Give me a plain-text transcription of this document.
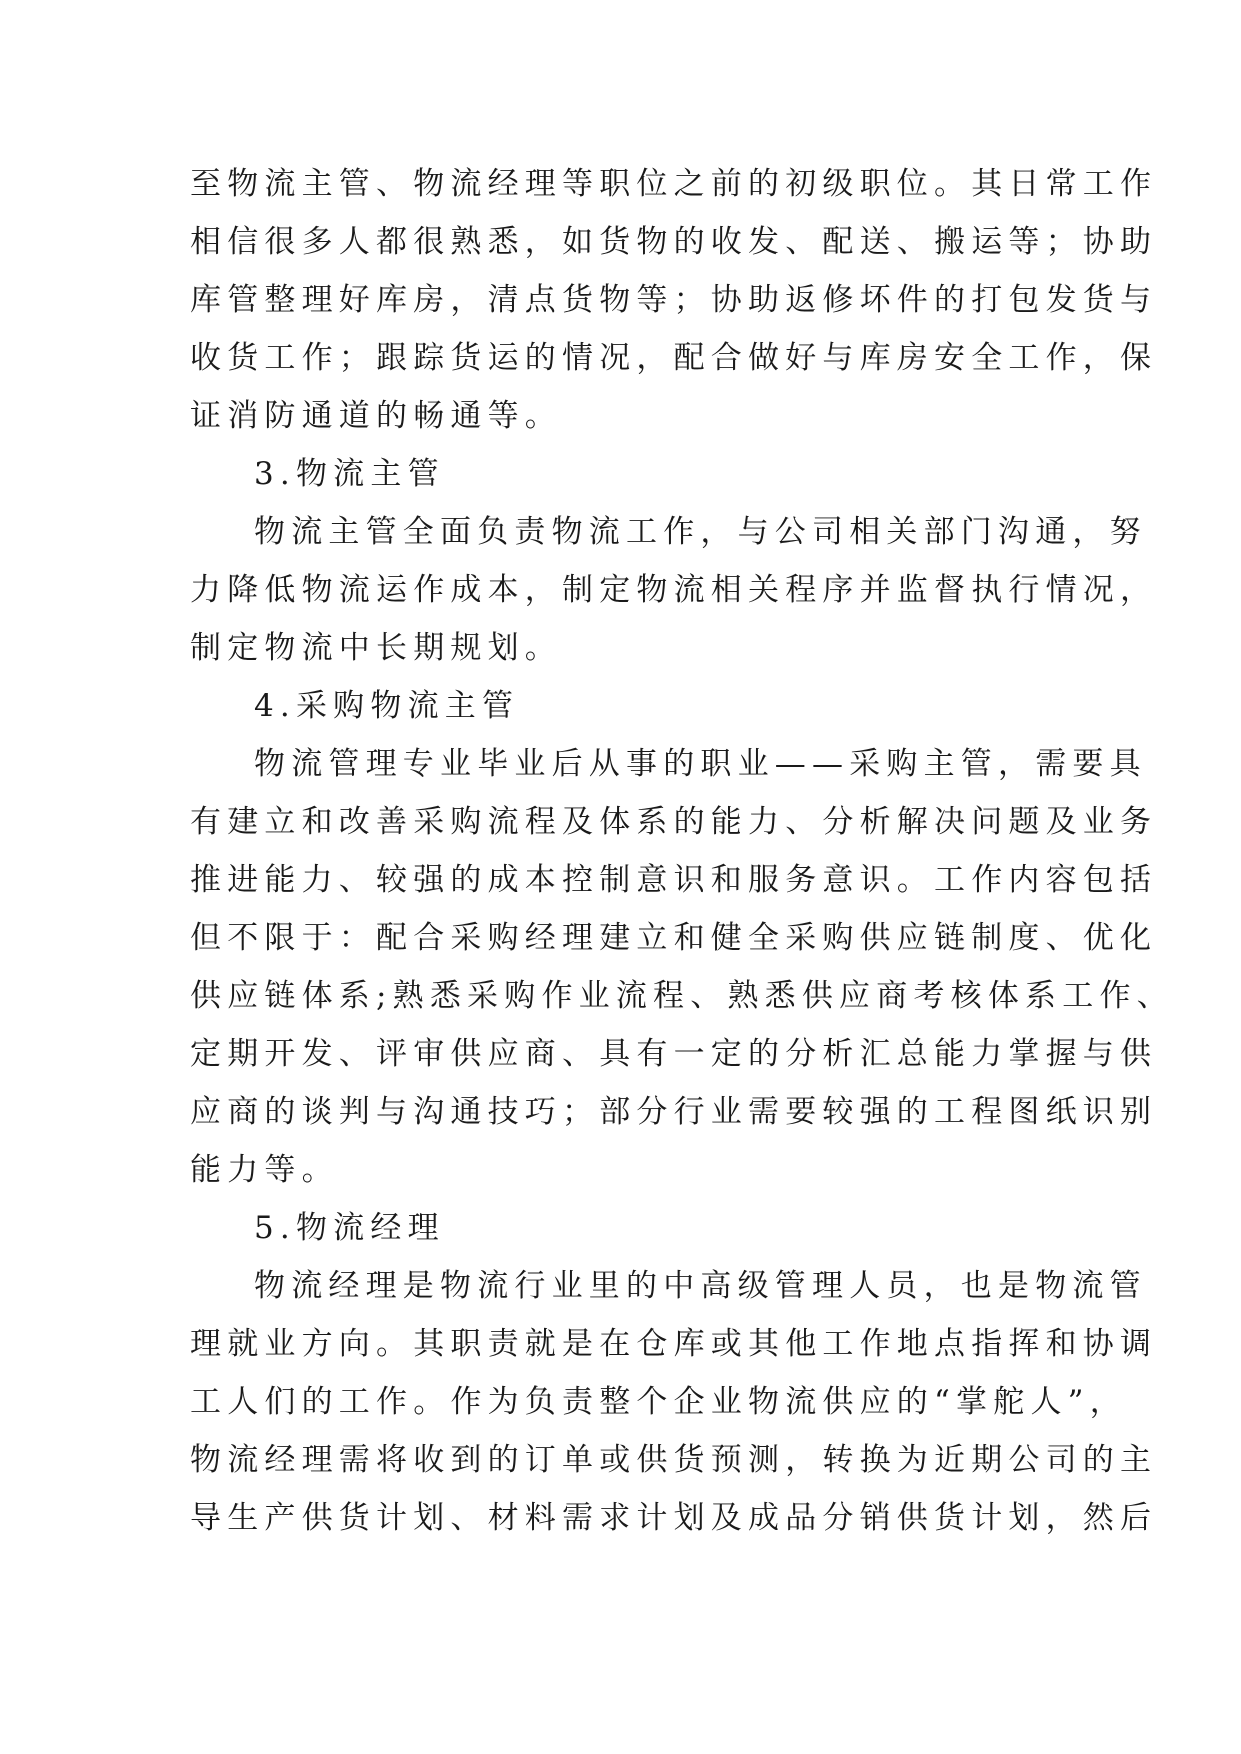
至物流主管、物流经理等职位之前的初级职位。其日常工作
相信很多人都很熟悉，如货物的收发、配送、搬运等；协助
库管整理好库房，清点货物等；协助返修坏件的打包发货与
收货工作；跟踪货运的情况，配合做好与库房安全工作，保
证消防通道的畅通等。
3.物流主管
物流主管全面负责物流工作，与公司相关部门沟通，努
力降低物流运作成本，制定物流相关程序并监督执行情况，
制定物流中长期规划。
4.采购物流主管
物流管理专业毕业后从事的职业——采购主管，需要具
有建立和改善采购流程及体系的能力、分析解决问题及业务
推进能力、较强的成本控制意识和服务意识。工作内容包括
但不限于：配合采购经理建立和健全采购供应链制度、优化
供应链体系;熟悉采购作业流程、熟悉供应商考核体系工作、
定期开发、评审供应商、具有一定的分析汇总能力掌握与供
应商的谈判与沟通技巧；部分行业需要较强的工程图纸识别
能力等。
5.物流经理
物流经理是物流行业里的中高级管理人员，也是物流管
理就业方向。其职责就是在仓库或其他工作地点指挥和协调
工人们的工作。作为负责整个企业物流供应的“掌舵人”，
物流经理需将收到的订单或供货预测，转换为近期公司的主
导生产供货计划、材料需求计划及成品分销供货计划，然后
